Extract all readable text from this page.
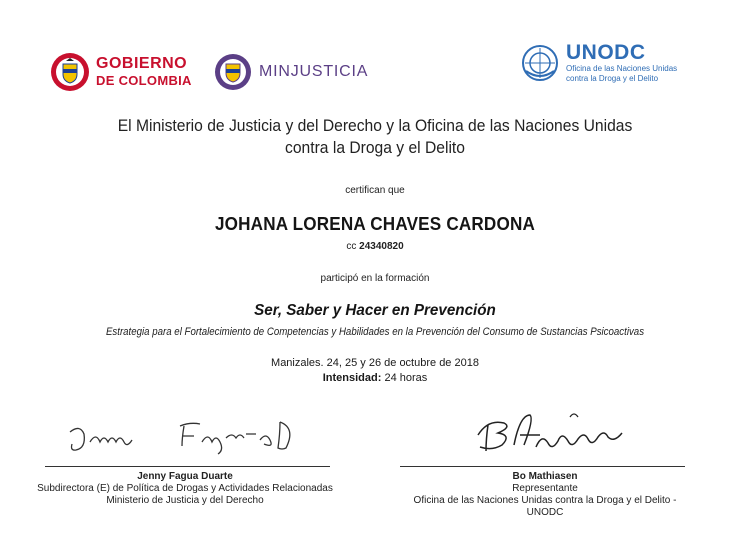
GOBIERNO
DE COLOMBIA
MINJUSTICIA
UNODC
Oficina de las Naciones Unidas
contra la Droga y el Delito
El Ministerio de Justicia y del Derecho y la Oficina de las Naciones Unidas
contra la Droga y el Delito
certifican que
JOHANA LORENA CHAVES CARDONA
cc 24340820
participó en la formación
Ser, Saber y Hacer en Prevención
Estrategia para el Fortalecimiento de Competencias y Habilidades en la Prevención del Consumo de Sustancias Psicoactivas
Manizales. 24, 25 y 26 de octubre de 2018
Intensidad: 24 horas
Jenny Fagua Duarte
Subdirectora (E) de Política de Drogas y Actividades Relacionadas
Ministerio de Justicia y del Derecho
Bo Mathiasen
Representante
Oficina de las Naciones Unidas contra la Droga y el Delito -
UNODC
